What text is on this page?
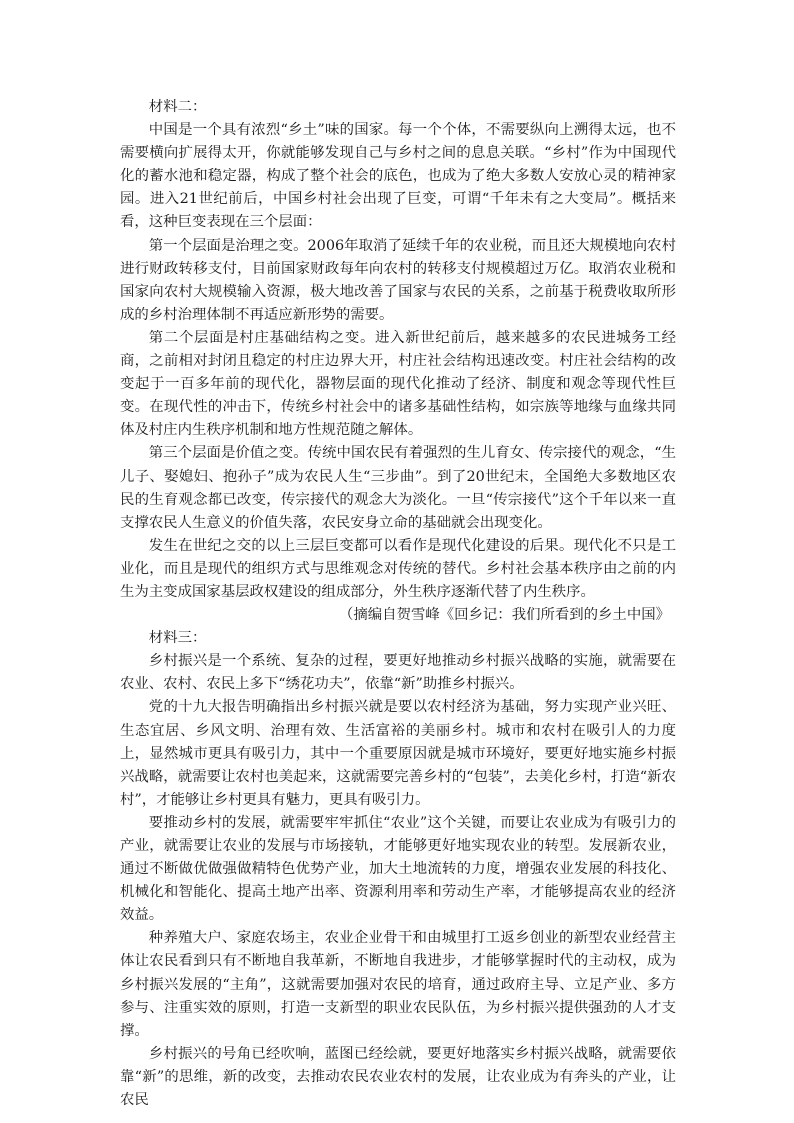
材料二：

中国是一个具有浓烈“乡土”味的国家。每一个个体，不需要纵向上溯得太远，也不需要横向扩展得太开，你就能够发现自己与乡村之间的息息关联。“乡村”作为中国现代化的蓄水池和稳定器，构成了整个社会的底色，也成为了绝大多数人安放心灵的精神家园。进入21世纪前后，中国乡村社会出现了巨变，可谓“千年未有之大变局”。概括来看，这种巨变表现在三个层面：

第一个层面是治理之变。2006年取消了延续千年的农业税，而且还大规模地向农村进行财政转移支付，目前国家财政每年向农村的转移支付规模超过万亿。取消农业税和国家向农村大规模输入资源，极大地改善了国家与农民的关系，之前基于税费收取所形成的乡村治理体制不再适应新形势的需要。

第二个层面是村庄基础结构之变。进入新世纪前后，越来越多的农民进城务工经商，之前相对封闭且稳定的村庄边界大开，村庄社会结构迅速改变。村庄社会结构的改变起于一百多年前的现代化，器物层面的现代化推动了经济、制度和观念等现代性巨变。在现代性的冲击下，传统乡村社会中的诸多基础性结构，如宗族等地缘与血缘共同体及村庄内生秩序机制和地方性规范随之解体。

第三个层面是价值之变。传统中国农民有着强烈的生儿育女、传宗接代的观念，“生儿子、娶媳妇、抱孙子”成为农民人生“三步曲”。到了20世纪末，全国绝大多数地区农民的生育观念都已改变，传宗接代的观念大为淡化。一旦“传宗接代”这个千年以来一直支撑农民人生意义的价值失落，农民安身立命的基础就会出现变化。

发生在世纪之交的以上三层巨变都可以看作是现代化建设的后果。现代化不只是工业化，而且是现代的组织方式与思维观念对传统的替代。乡村社会基本秩序由之前的内生为主变成国家基层政权建设的组成部分，外生秩序逐渐代替了内生秩序。

（摘编自贺雪峰《回乡记：我们所看到的乡土中国》

材料三：

乡村振兴是一个系统、复杂的过程，要更好地推动乡村振兴战略的实施，就需要在农业、农村、农民上多下“绣花功夫”，依靠“新”助推乡村振兴。

党的十九大报告明确指出乡村振兴就是要以农村经济为基础，努力实现产业兴旺、生态宜居、乡风文明、治理有效、生活富裕的美丽乡村。城市和农村在吸引人的力度上，显然城市更具有吸引力，其中一个重要原因就是城市环境好，要更好地实施乡村振兴战略，就需要让农村也美起来，这就需要完善乡村的“包装”，去美化乡村，打造“新农村”，才能够让乡村更具有魅力，更具有吸引力。

要推动乡村的发展，就需要牢牢抓住“农业”这个关键，而要让农业成为有吸引力的产业，就需要让农业的发展与市场接轨，才能够更好地实现农业的转型。发展新农业，通过不断做优做强做精特色优势产业，加大土地流转的力度，增强农业发展的科技化、机械化和智能化、提高土地产出率、资源利用率和劳动生产率，才能够提高农业的经济效益。

种养殖大户、家庭农场主，农业企业骨干和由城里打工返乡创业的新型农业经营主体让农民看到只有不断地自我革新，不断地自我进步，才能够掌握时代的主动权，成为乡村振兴发展的“主角”，这就需要加强对农民的培育，通过政府主导、立足产业、多方参与、注重实效的原则，打造一支新型的职业农民队伍，为乡村振兴提供强劲的人才支撑。

乡村振兴的号角已经吹响，蓝图已经绘就，要更好地落实乡村振兴战略，就需要依靠“新”的思维，新的改变，去推动农民农业农村的发展，让农业成为有奔头的产业，让农民
